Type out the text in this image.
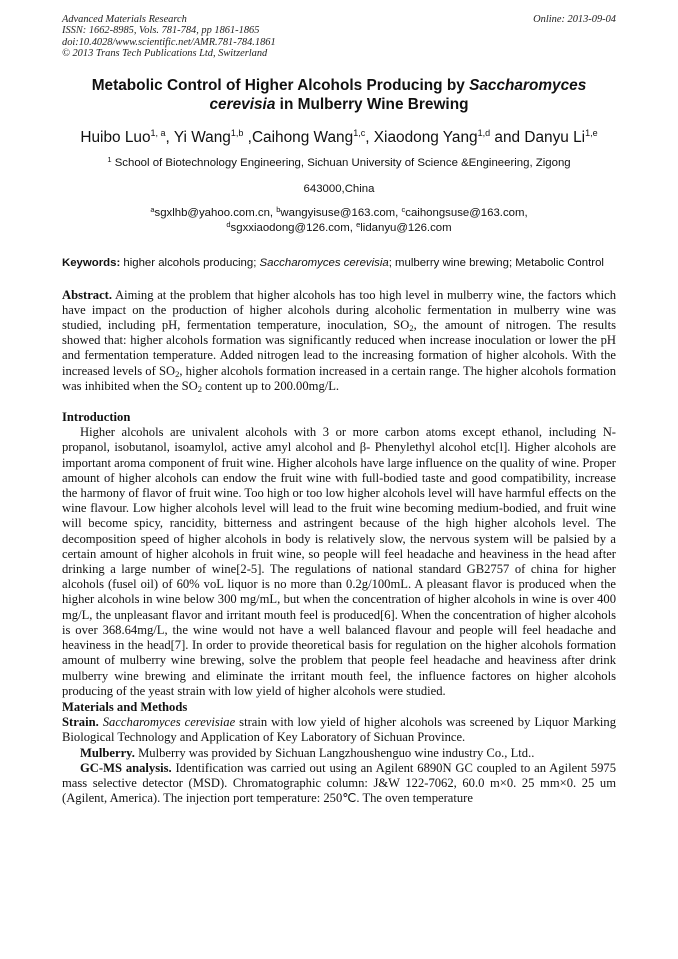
Advanced Materials Research
ISSN: 1662-8985, Vols. 781-784, pp 1861-1865
doi:10.4028/www.scientific.net/AMR.781-784.1861
© 2013 Trans Tech Publications Ltd, Switzerland
Online: 2013-09-04
Metabolic Control of Higher Alcohols Producing by Saccharomyces cerevisia in Mulberry Wine Brewing
Huibo Luo$^{1, a}$, Yi Wang$^{1,b}$ ,Caihong Wang$^{1,c}$, Xiaodong Yang$^{1,d}$ and Danyu Li$^{1,e}$
$^1$ School of Biotechnology Engineering, Sichuan University of Science &Engineering, Zigong
643000,China
$^a$sgxlhb@yahoo.com.cn, $^b$wangyisuse@163.com, $^c$caihongsuse@163.com,
$^d$sgxxiaodong@126.com, $^e$lidanyu@126.com
Keywords: higher alcohols producing; Saccharomyces cerevisia; mulberry wine brewing; Metabolic Control
Abstract. Aiming at the problem that higher alcohols has too high level in mulberry wine, the factors which have impact on the production of higher alcohols during alcoholic fermentation in mulberry wine was studied, including pH, fermentation temperature, inoculation, $SO_2$, the amount of nitrogen. The results showed that: higher alcohols formation was significantly reduced when increase inoculation or lower the pH and fermentation temperature. Added nitrogen lead to the increasing formation of higher alcohols. With the increased levels of $SO_2$, higher alcohols formation increased in a certain range. The higher alcohols formation was inhibited when the $SO_2$ content up to 200.00mg/L.
Introduction

Higher alcohols are univalent alcohols with 3 or more carbon atoms except ethanol, including N-propanol, isobutanol, isoamylol, active amyl alcohol and β- Phenylethyl alcohol etc[l]. Higher alcohols are important aroma component of fruit wine. Higher alcohols have large influence on the quality of wine. Proper amount of higher alcohols can endow the fruit wine with full-bodied taste and good compatibility, increase the harmony of flavor of fruit wine. Too high or too low higher alcohols level will have harmful effects on the wine flavour. Low higher alcohols level will lead to the fruit wine becoming medium-bodied, and fruit wine will become spicy, rancidity, bitterness and astringent because of the high higher alcohols level. The decomposition speed of higher alcohols in body is relatively slow, the nervous system will be palsied by a certain amount of higher alcohols in fruit wine, so people will feel headache and heaviness in the head after drinking a large number of wine[2-5]. The regulations of national standard GB2757 of china for higher alcohols (fusel oil) of 60% voL liquor is no more than 0.2g/100mL. A pleasant flavor is produced when the higher alcohols in wine below 300 mg/mL, but when the concentration of higher alcohols in wine is over 400 mg/L, the unpleasant flavor and irritant mouth feel is produced[6]. When the concentration of higher alcohols is over 368.64mg/L, the wine would not have a well balanced flavour and people will feel headache and heaviness in the head[7]. In order to provide theoretical basis for regulation on the higher alcohols formation amount of mulberry wine brewing, solve the problem that people feel headache and heaviness after drink mulberry wine brewing and eliminate the irritant mouth feel, the influence factores on higher alcohols producing of the yeast strain with low yield of higher alcohols were studied.

Materials and Methods

Strain. Saccharomyces cerevisiae strain with low yield of higher alcohols was screened by Liquor Marking Biological Technology and Application of Key Laboratory of Sichuan Province.

Mulberry. Mulberry was provided by Sichuan Langzhoushenguo wine industry Co., Ltd..

GC-MS analysis. Identification was carried out using an Agilent 6890N GC coupled to an Agilent 5975 mass selective detector (MSD). Chromatographic column: J&W 122-7062, 60.0 m×0. 25 mm×0. 25 um (Agilent, America). The injection port temperature: 250℃. The oven temperature
